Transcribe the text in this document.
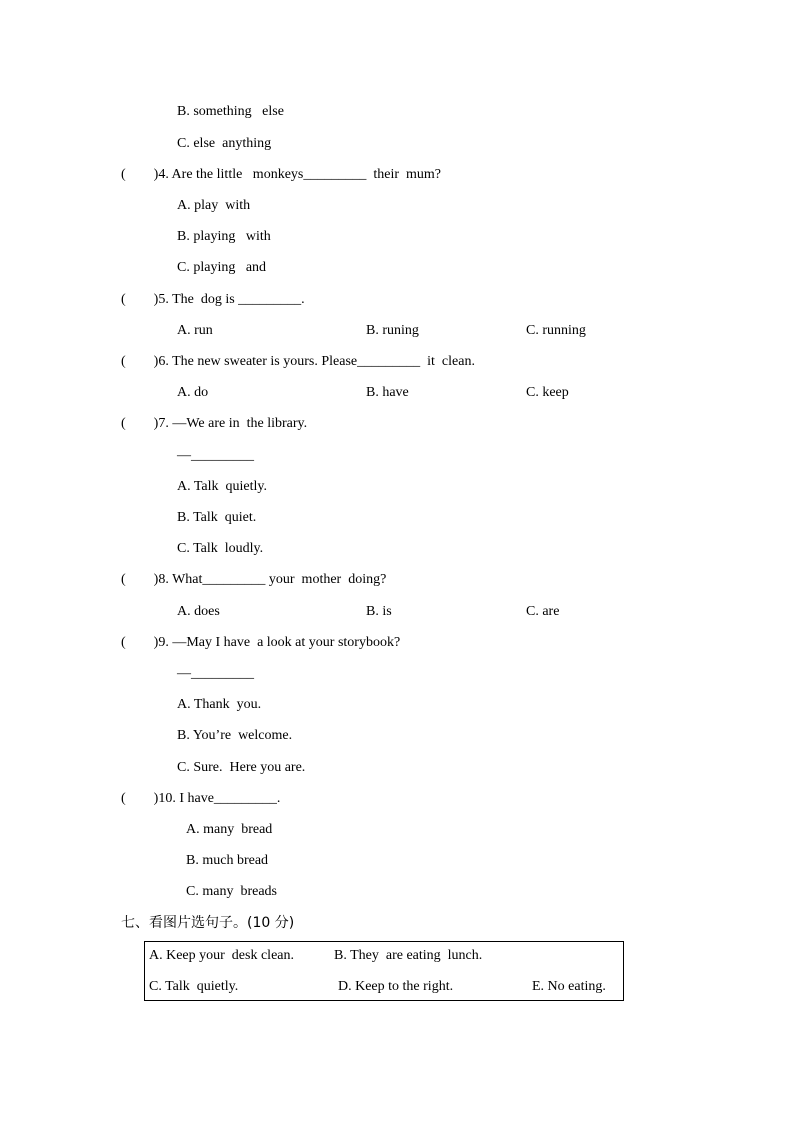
B. something   else
C. else  anything
(        )4. Are the little   monkeys_________  their  mum?
A. play  with
B. playing   with
C. playing   and
(        )5. The  dog is _________.
A. run	B. runing	C. running
(        )6. The new sweater is yours. Please_________  it  clean.
A. do	B. have	C. keep
(        )7. —We are in  the library.
—_________
A. Talk  quietly.
B. Talk  quiet.
C. Talk  loudly.
(        )8. What_________ your  mother  doing?
A. does	B. is	C. are
(        )9. —May I have  a look at your storybook?
—_________
A. Thank  you.
B. You’re  welcome.
C. Sure.  Here you are.
(        )10. I have_________.
A. many  bread
B. much bread
C. many  breads
七、看图片选句子。(10 分)
A. Keep your  desk clean.	B. They  are eating  lunch.
C. Talk  quietly.	D. Keep to the right.	E. No eating.
